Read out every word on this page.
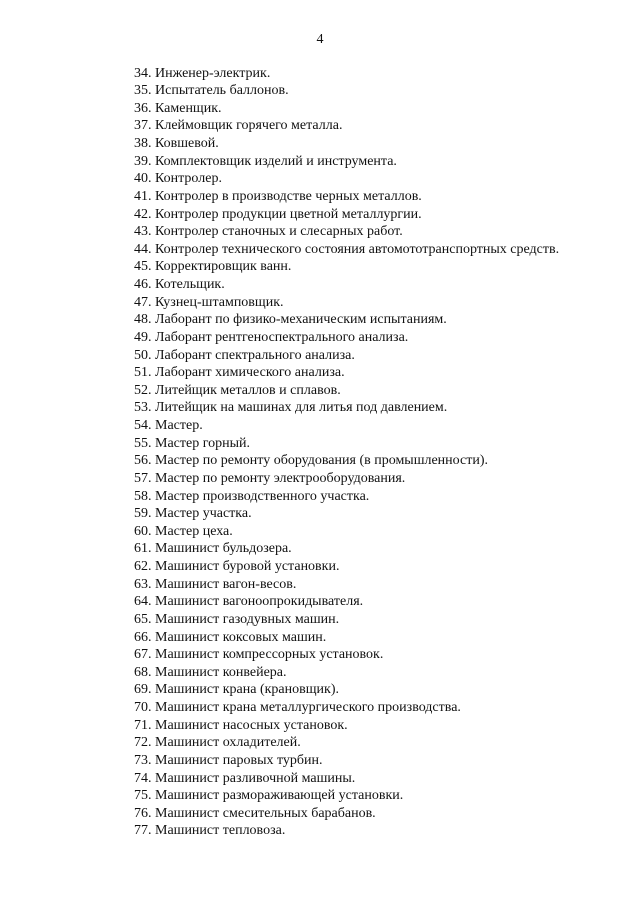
4
34. Инженер-электрик.
35. Испытатель баллонов.
36. Каменщик.
37. Клеймовщик горячего металла.
38. Ковшевой.
39. Комплектовщик изделий и инструмента.
40. Контролер.
41. Контролер в производстве черных металлов.
42. Контролер продукции цветной металлургии.
43. Контролер станочных и слесарных работ.
44. Контролер технического состояния автомототранспортных средств.
45. Корректировщик ванн.
46. Котельщик.
47. Кузнец-штамповщик.
48. Лаборант по физико-механическим испытаниям.
49. Лаборант рентгеноспектрального анализа.
50. Лаборант спектрального анализа.
51. Лаборант химического анализа.
52. Литейщик металлов и сплавов.
53. Литейщик на машинах для литья под давлением.
54. Мастер.
55. Мастер горный.
56. Мастер по ремонту оборудования (в промышленности).
57. Мастер по ремонту электрооборудования.
58. Мастер производственного участка.
59. Мастер участка.
60. Мастер цеха.
61. Машинист бульдозера.
62. Машинист буровой установки.
63. Машинист вагон-весов.
64. Машинист вагоноопрокидывателя.
65. Машинист газодувных машин.
66. Машинист коксовых машин.
67. Машинист компрессорных установок.
68. Машинист конвейера.
69. Машинист крана (крановщик).
70. Машинист крана металлургического производства.
71. Машинист насосных установок.
72. Машинист охладителей.
73. Машинист паровых турбин.
74. Машинист разливочной машины.
75. Машинист размораживающей установки.
76. Машинист смесительных барабанов.
77. Машинист тепловоза.
